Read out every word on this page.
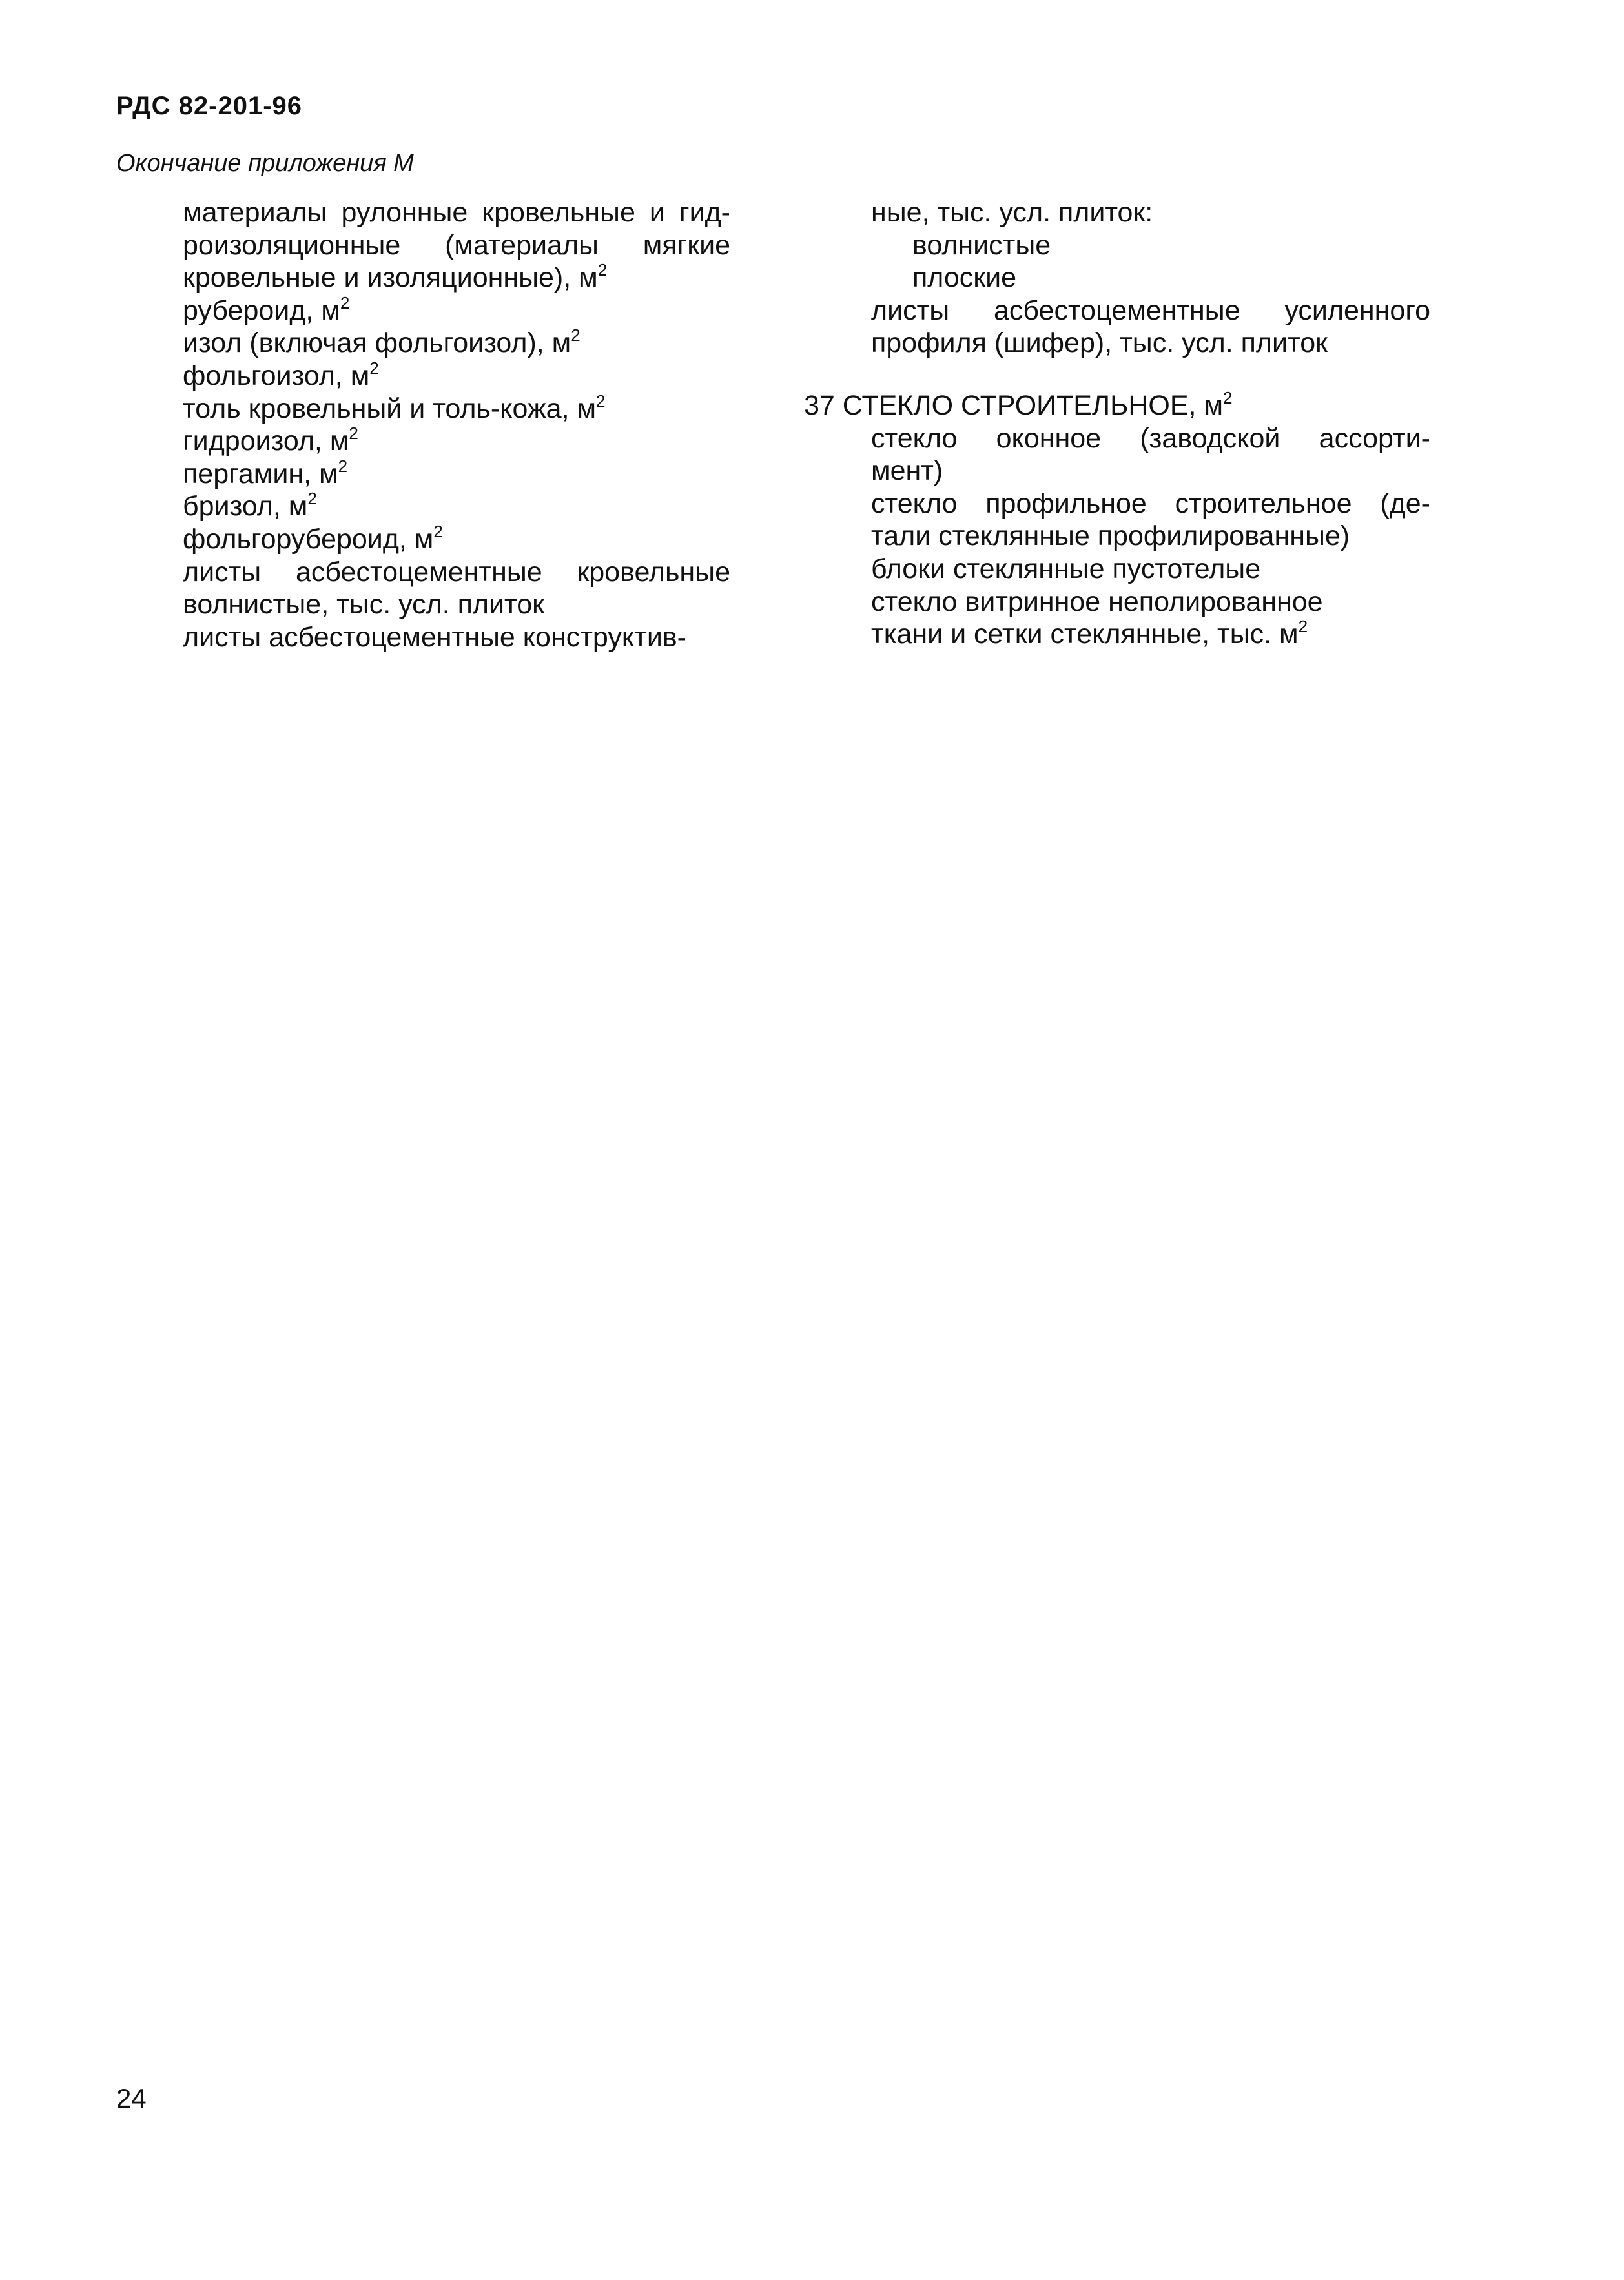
РДС 82-201-96
Окончание приложения М
материалы рулонные кровельные и гид-
роизоляционные (материалы мягкие
кровельные и изоляционные), $м^2$
рубероид, $м^2$
изол (включая фольгоизол), $м^2$
фольгоизол, $м^2$
толь кровельный и толь-кожа, $м^2$
гидроизол, $м^2$
пергамин, $м^2$
бризол, $м^2$
фольгорубероид, $м^2$
листы асбестоцементные кровельные
волнистые, тыс. усл. плиток
листы асбестоцементные конструктив-
ные, тыс. усл. плиток:
волнистые
плоские
листы асбестоцементные усиленного
профиля (шифер), тыс. усл. плиток
37 СТЕКЛО СТРОИТЕЛЬНОЕ, $м^2$
стекло оконное (заводской ассорти-
мент)
стекло профильное строительное (де-
тали стеклянные профилированные)
блоки стеклянные пустотелые
стекло витринное неполированное
ткани и сетки стеклянные, тыс. $м^2$
24
